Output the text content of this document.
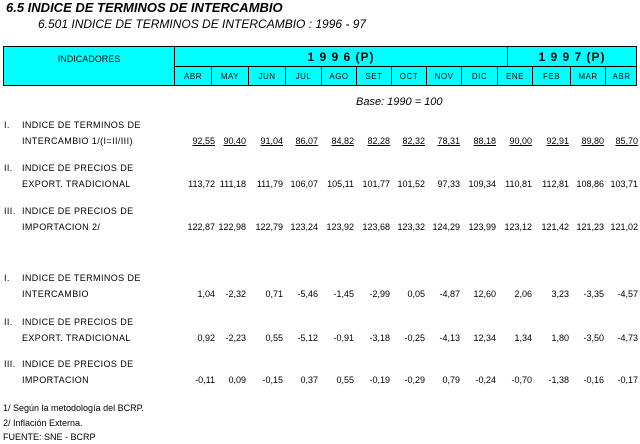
6.5 INDICE DE TERMINOS DE INTERCAMBIO
6.501 INDICE DE TERMINOS DE INTERCAMBIO : 1996 - 97
INDICADORES	1 9 9 6 (P)	1 9 9 7 (P)
ABR	MAY	JUN	JUL	AGO	SET	OCT	NOV	DIC	ENE	FEB	MAR	ABR
Base: 1990 = 100
I. INDICE DE TERMINOS DE
INTERCAMBIO 1/(I=II/III)	92,55 90,40	91,04	86,07	84,82	82,28	82,32	78,31	88,18	90,00	92,91	89,80	85,70
II. INDICE DE PRECIOS DE
EXPORT. TRADICIONAL	113,72 111,18	111,79 106,07	105,11 101,77 101,52	97,33 109,34	110,81	112,81 108,86 103,71
III. INDICE DE PRECIOS DE
IMPORTACION 2/	122,87 122,98	122,79 123,24 123,92 123,68 123,32 124,29 123,99 123,12	121,42 121,23 121,02
I. INDICE DE TERMINOS DE
INTERCAMBIO	1,04	-2,32	0,71	-5,46	-1,45	-2,99	0,05	-4,87	12,60	2,06	3,23	-3,35	-4,57
II. INDICE DE PRECIOS DE
EXPORT. TRADICIONAL	0,92	-2,23	0,55	-5,12	-0,91	-3,18	-0,25	-4,13	12,34	1,34	1,80	-3,50	-4,73
III. INDICE DE PRECIOS DE
IMPORTACION	-0,11	0,09	-0,15	0,37	0,55	-0,19	-0,29	0,79	-0,24	-0,70	-1,38	-0,16	-0,17
1/ Según la metodología del BCRP.
2/ Inflación Externa.
FUENTE: SNE - BCRP
